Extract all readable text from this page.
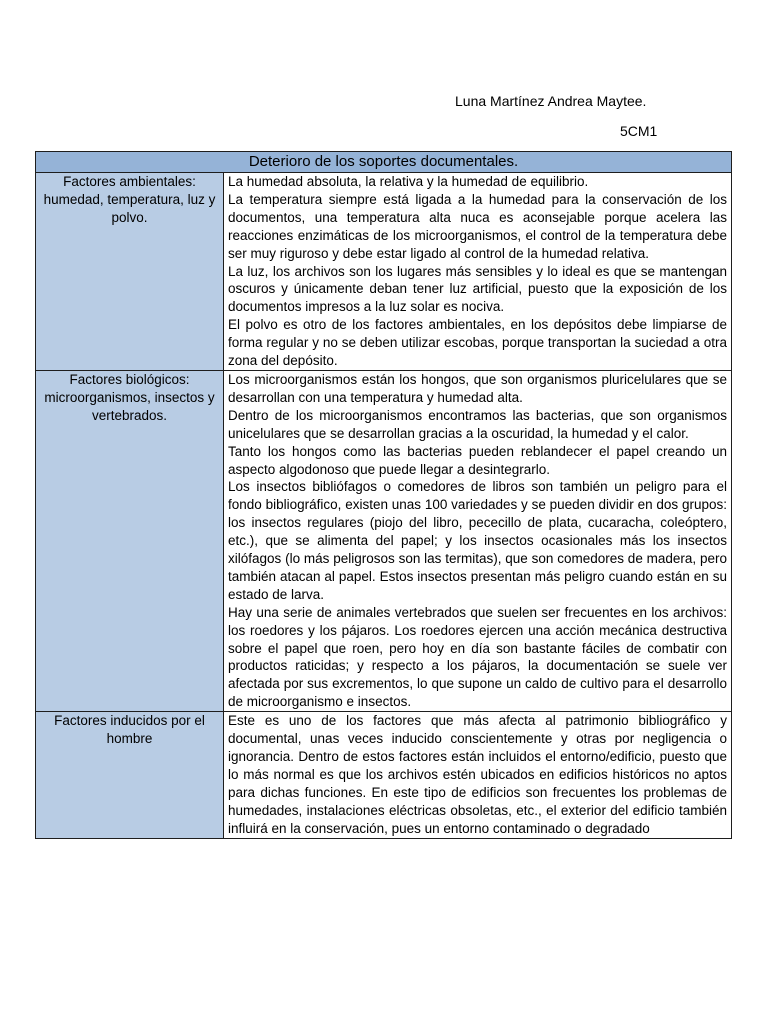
Luna Martínez Andrea Maytee.
5CM1
Deterioro de los soportes documentales.	
Factores ambientales: humedad, temperatura, luz y polvo.	La humedad absoluta, la relativa y la humedad de equilibrio.

La temperatura siempre está ligada a la humedad para la conservación de los documentos, una temperatura alta nuca es aconsejable porque acelera las reacciones enzimáticas de los microorganismos, el control de la temperatura debe ser muy riguroso y debe estar ligado al control de la humedad relativa.

La luz, los archivos son los lugares más sensibles y lo ideal es que se mantengan oscuros y únicamente deban tener luz artificial, puesto que la exposición de los documentos impresos a la luz solar es nociva.

El polvo es otro de los factores ambientales, en los depósitos debe limpiarse de forma regular y no se deben utilizar escobas, porque transportan la suciedad a otra zona del depósito.

Factores biológicos: microorganismos, insectos y vertebrados.	Los microorganismos están los hongos, que son organismos pluricelulares que se desarrollan con una temperatura y humedad alta.

Dentro de los microorganismos encontramos las bacterias, que son organismos unicelulares que se desarrollan gracias a la oscuridad, la humedad y el calor.

Tanto los hongos como las bacterias pueden reblandecer el papel creando un aspecto algodonoso que puede llegar a desintegrarlo.

Los insectos bibliófagos o comedores de libros son también un peligro para el fondo bibliográfico, existen unas 100 variedades y se pueden dividir en dos grupos: los insectos regulares (piojo del libro, pececillo de plata, cucaracha, coleóptero, etc.), que se alimenta del papel; y los insectos ocasionales más los insectos xilófagos (lo más peligrosos son las termitas), que son comedores de madera, pero también atacan al papel. Estos insectos presentan más peligro cuando están en su estado de larva.

Hay una serie de animales vertebrados que suelen ser frecuentes en los archivos: los roedores y los pájaros. Los roedores ejercen una acción mecánica destructiva sobre el papel que roen, pero hoy en día son bastante fáciles de combatir con productos raticidas; y respecto a los pájaros, la documentación se suele ver afectada por sus excrementos, lo que supone un caldo de cultivo para el desarrollo de microorganismo e insectos.

Factores inducidos por el hombre	Este es uno de los factores que más afecta al patrimonio bibliográfico y documental, unas veces inducido conscientemente y otras por negligencia o ignorancia. Dentro de estos factores están incluidos el entorno/edificio, puesto que lo más normal es que los archivos estén ubicados en edificios históricos no aptos para dichas funciones. En este tipo de edificios son frecuentes los problemas de humedades, instalaciones eléctricas obsoletas, etc., el exterior del edificio también influirá en la conservación, pues un entorno contaminado o degradado
